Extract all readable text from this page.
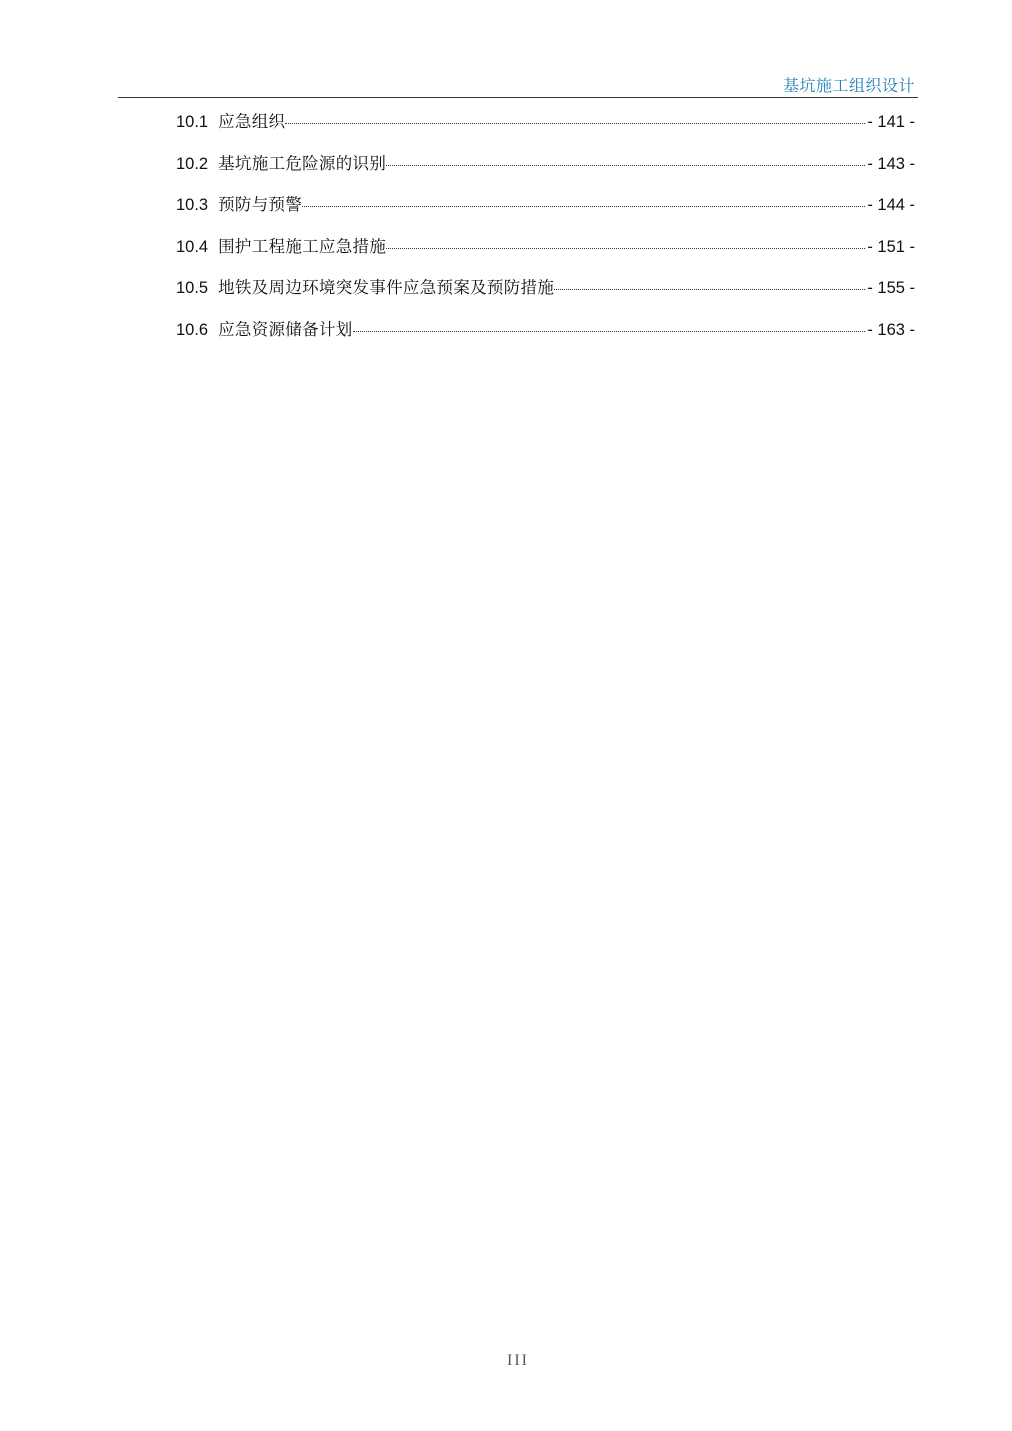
基坑施工组织设计
10.1 应急组织	- 141 -
10.2 基坑施工危险源的识别	- 143 -
10.3 预防与预警	- 144 -
10.4 围护工程施工应急措施	- 151 -
10.5 地铁及周边环境突发事件应急预案及预防措施	- 155 -
10.6 应急资源储备计划	- 163 -
III
